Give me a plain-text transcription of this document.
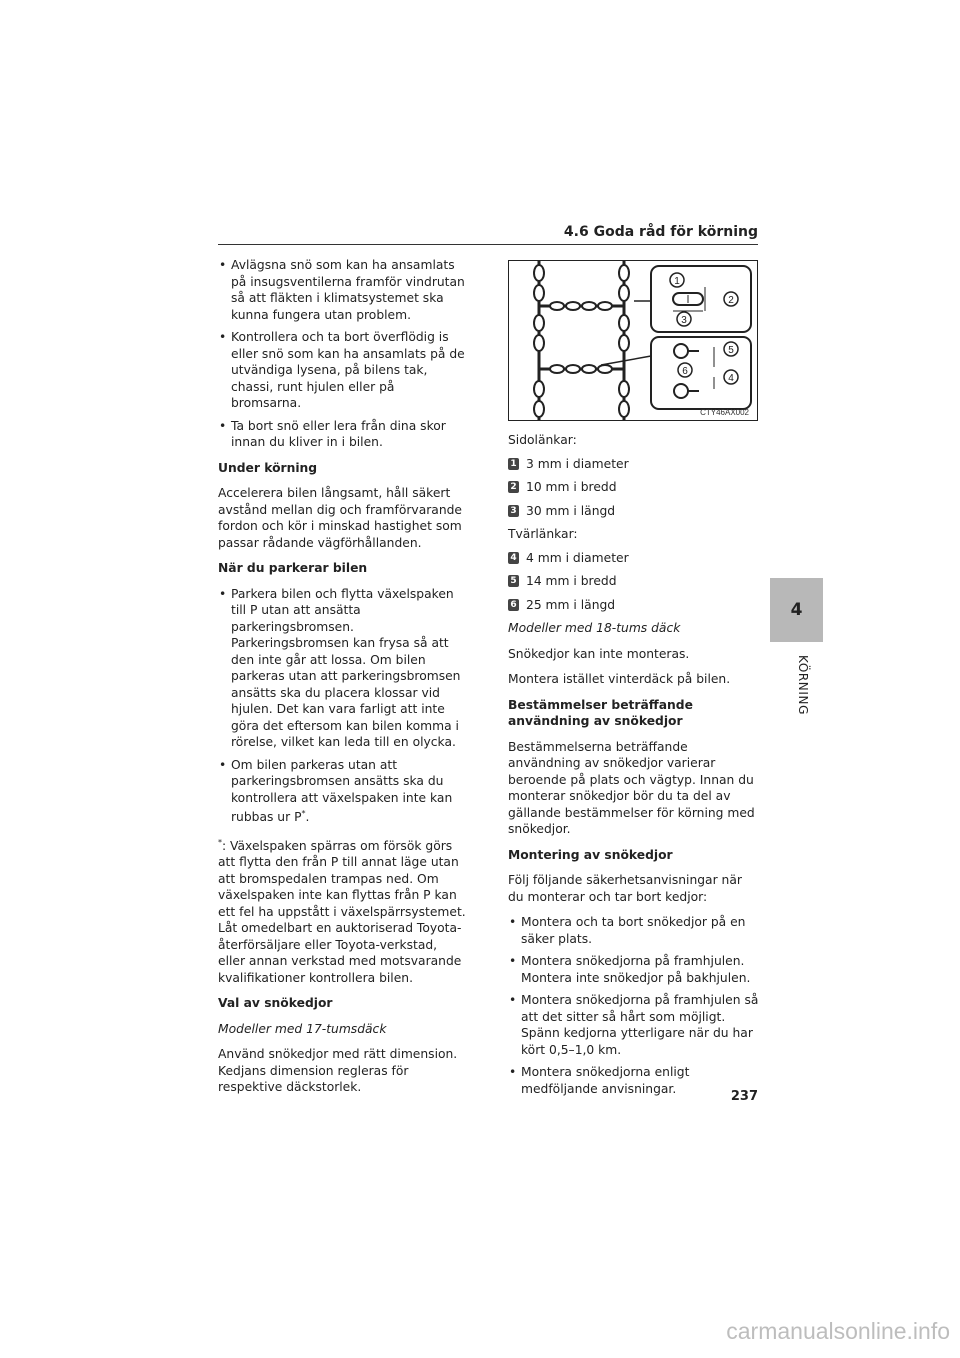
4.6 Goda råd för körning
• Avlägsna snö som kan ha ansamlats på insugsventilerna framför vindrutan så att fläkten i klimatsystemet ska kunna fungera utan problem.
• Kontrollera och ta bort överflödig is eller snö som kan ha ansamlats på de utvändiga lysena, på bilens tak, chassi, runt hjulen eller på bromsarna.
• Ta bort snö eller lera från dina skor innan du kliver in i bilen.

Under körning

Accelerera bilen långsamt, håll säkert avstånd mellan dig och framförvarande fordon och kör i minskad hastighet som passar rådande vägförhållanden.

När du parkerar bilen

• Parkera bilen och flytta växelspaken till P utan att ansätta parkeringsbromsen. Parkeringsbromsen kan frysa så att den inte går att lossa. Om bilen parkeras utan att parkeringsbromsen ansätts ska du placera klossar vid hjulen. Det kan vara farligt att inte göra det eftersom kan bilen komma i rörelse, vilket kan leda till en olycka.
• Om bilen parkeras utan att parkeringsbromsen ansätts ska du kontrollera att växelspaken inte kan rubbas ur P*.

*: Växelspaken spärras om försök görs att flytta den från P till annat läge utan att bromspedalen trampas ned. Om växelspaken inte kan flyttas från P kan ett fel ha uppstått i växelspärrsystemet. Låt omedelbart en auktoriserad Toyota-återförsäljare eller Toyota-verkstad, eller annan verkstad med motsvarande kvalifikationer kontrollera bilen.

Val av snökedjor

Modeller med 17-tumsdäck

Använd snökedjor med rätt dimension. Kedjans dimension regleras för respektive däckstorlek.

1
2
3
4
5
6
CTY46AX002
Sidolänkar:
1 3 mm i diameter
2 10 mm i bredd
3 30 mm i längd
Tvärlänkar:
4 4 mm i diameter
5 14 mm i bredd
6 25 mm i längd

Modeller med 18-tums däck

Snökedjor kan inte monteras.

Montera istället vinterdäck på bilen.

Bestämmelser beträffande användning av snökedjor

Bestämmelserna beträffande användning av snökedjor varierar beroende på plats och vägtyp. Innan du monterar snökedjor bör du ta del av gällande bestämmelser för körning med snökedjor.

Montering av snökedjor

Följ följande säkerhetsanvisningar när du monterar och tar bort kedjor:

• Montera och ta bort snökedjor på en säker plats.
• Montera snökedjorna på framhjulen. Montera inte snökedjor på bakhjulen.
• Montera snökedjorna på framhjulen så att det sitter så hårt som möjligt. Spänn kedjorna ytterligare när du har kört 0,5–1,0 km.
• Montera snökedjorna enligt medföljande anvisningar.
4
KÖRNING
237
carmanualsonline.info
